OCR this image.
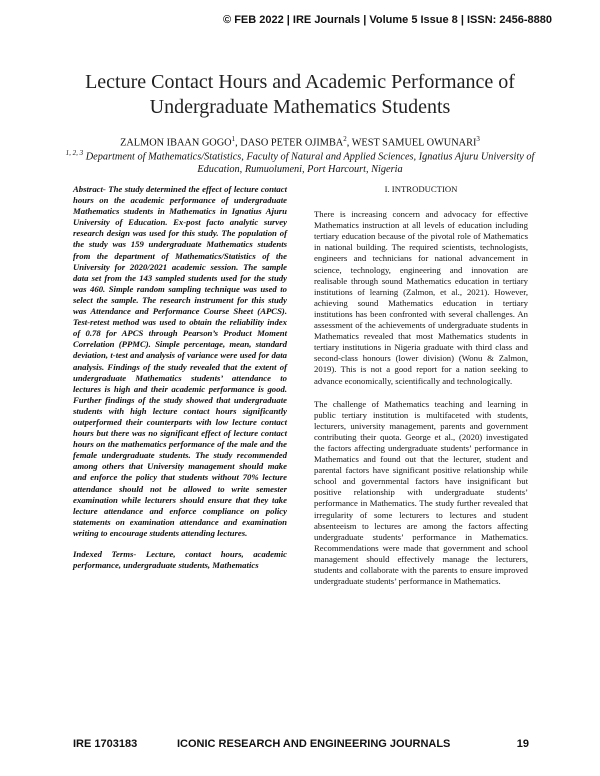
© FEB 2022 | IRE Journals | Volume 5 Issue 8 | ISSN: 2456-8880
Lecture Contact Hours and Academic Performance of Undergraduate Mathematics Students
ZALMON IBAAN GOGO$^1$, DASO PETER OJIMBA$^2$, WEST SAMUEL OWUNARI$^3$
$^{1, 2, 3}$ Department of Mathematics/Statistics, Faculty of Natural and Applied Sciences, Ignatius Ajuru University of Education, Rumuolumeni, Port Harcourt, Nigeria

Abstract- The study determined the effect of lecture contact hours on the academic performance of undergraduate Mathematics students in Mathematics in Ignatius Ajuru University of Education. Ex-post facto analytic survey research design was used for this study. The population of the study was 159 undergraduate Mathematics students from the department of Mathematics/Statistics of the University for 2020/2021 academic session. The sample data set from the 143 sampled students used for the study was 460. Simple random sampling technique was used to select the sample. The research instrument for this study was Attendance and Performance Course Sheet (APCS). Test-retest method was used to obtain the reliability index of 0.78 for APCS through Pearson’s Product Moment Correlation (PPMC). Simple percentage, mean, standard deviation, t-test and analysis of variance were used for data analysis. Findings of the study revealed that the extent of undergraduate Mathematics students’ attendance to lectures is high and their academic performance is good. Further findings of the study showed that undergraduate students with high lecture contact hours significantly outperformed their counterparts with low lecture contact hours but there was no significant effect of lecture contact hours on the mathematics performance of the male and the female undergraduate students. The study recommended among others that University management should make and enforce the policy that students without 70% lecture attendance should not be allowed to write semester examination while lecturers should ensure that they take lecture attendance and enforce compliance on policy statements on examination attendance and examination writing to encourage students attending lectures.

Indexed Terms- Lecture, contact hours, academic performance, undergraduate students, Mathematics

I. INTRODUCTION

There is increasing concern and advocacy for effective Mathematics instruction at all levels of education including tertiary education because of the pivotal role of Mathematics in national building. The required scientists, technologists, engineers and technicians for national advancement in science, technology, engineering and innovation are realisable through sound Mathematics education in tertiary institutions of learning (Zalmon, et al., 2021). However, achieving sound Mathematics education in tertiary institutions has been confronted with several challenges. An assessment of the achievements of undergraduate students in Mathematics revealed that most Mathematics students in tertiary institutions in Nigeria graduate with third class and second-class honours (lower division) (Wonu & Zalmon, 2019). This is not a good report for a nation seeking to advance economically, scientifically and technologically.

The challenge of Mathematics teaching and learning in public tertiary institution is multifaceted with students, lecturers, university management, parents and government contributing their quota. George et al., (2020) investigated the factors affecting undergraduate students’ performance in Mathematics and found out that the lecturer, student and parental factors have significant positive relationship while school and governmental factors have insignificant but positive relationship with undergraduate students’ performance in Mathematics. The study further revealed that irregularity of some lecturers to lectures and student absenteeism to lectures are among the factors affecting undergraduate students’ performance in Mathematics. Recommendations were made that government and school management should effectively manage the lecturers, students and collaborate with the parents to ensure improved undergraduate students’ performance in Mathematics.

IRE 1703183	ICONIC RESEARCH AND ENGINEERING JOURNALS	19
